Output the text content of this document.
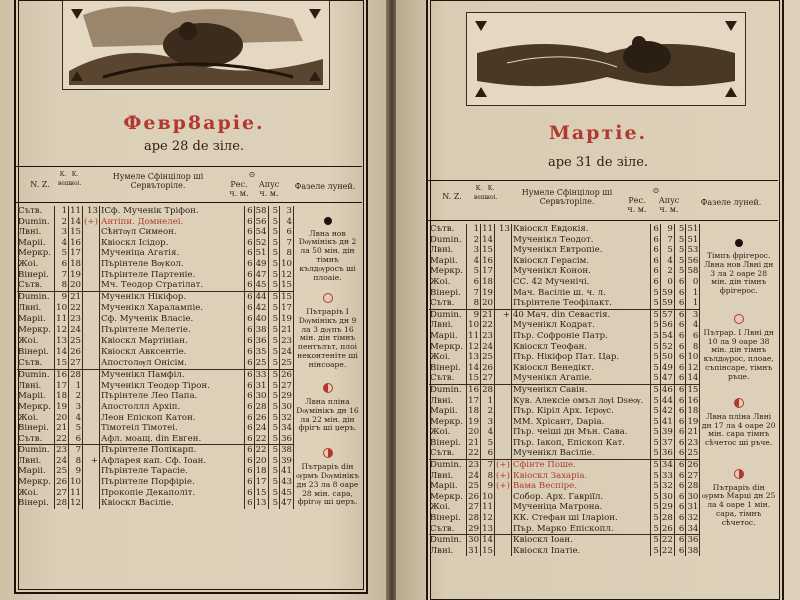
Февр8аріе.
аре 28 de зіле.
N. Z.
К. веш.
К. ноі.
Нумеле Сфінцілор ші Сервъторіле.	Рес. ч. м.
⊙
Апус ч. м.
Фазеле луней.
Сътв.	1	11	13	ІСф. Мученік Тріфон.	6	58	5	3	Лвна нов Dѹмінікъ дн 2 ла 50 мін. дін тімнъ кълдѹросъ ші плоаіе.
Dumin.	2	14	(+)	Антіпи. Домнелеі.	6	56	5	4	
Лвні.	3	15		Сѣнтѹл Симеон.	6	54	5	6	
Маріі.	4	16		Квіоскл Ісідор.	6	52	5	7	
Меркр.	5	17		Мученіца Агатія.	6	51	5	8	
Жоі.	6	18		Пърінтеле Вѹкол.	6	49	5	10	
Вінері.	7	19		Пърінтеле Партеніе.	6	47	5	12	
Сътв.	8	20		Мч. Теодор Стратілат.	6	45	5	15	
Dumin.	9	21		Мученікл Нікіфор.	6	44	5	15	Пътраріъ І Dѹмінікъ дн 9 ла 3 дѹпъ 16 мін. дін тімнъ пентълът, плоі неконтеніте ші нінсоаре.
Лвні.	10	22		Мученікл Харалампіе.	6	42	5	17	
Маріі.	11	23		Сф. Мученік Власіе.	6	40	5	19	
Меркр.	12	24		Пърінтеле Мелетіе.	6	38	5	21	
Жоі.	13	25		Квіоскл Мартініан.	6	36	5	23	
Вінері.	14	26		Квіоскл Авксентіе.	6	35	5	24	
Сътв.	15	27		Апостолѹл Онісім.	6	25	5	25	
Dumin.	16	28		Мученікл Памфіл.	6	33	5	26	Лвна пліна Dѹмінікъ дн 16 ла 22 мін. дін фрігъ ші џеръ.
Лвні.	17	1		Мученікл Теодор Тірон.	6	31	5	27	
Маріі.	18	2		Пърінтеле Лео Папа.	6	30	5	29	
Меркр.	19	3		Апостоллл Архіп.	6	28	5	30	
Жоі.	20	4		Леон Епіскоп Катон.	6	26	5	32	
Вінері.	21	5		Тімотеіл Тімотеі.	6	24	5	34	
Сътв.	22	6		Афл. моащ. din Евген.	6	22	5	36	
Dumin.	23	7		Пърінтеле Полікарп.	6	22	5	38	Пътраріъ dін ѹрмъ Dѹмінікъ дн 23 ла 8 оаре 28 мін. сара, фрігѹ ші џеръ.
Лвні.	24	8	+	Афларея кап. Сф. Іоан.	6	20	5	39	
Маріі.	25	9		Пърінтеле Тарасіе.	6	18	5	41	
Меркр.	26	10		Пърінтеле Порфіріе.	6	17	5	43	
Жоі.	27	11		Прокопіе Декаполіт.	6	15	5	45	
Вінері.	28	12		Квіоскл Васіліе.	6	13	5	47	
Мартіе.
аре 31 de зіле.
N. Z.
К. веш.
К. ноі.
Нумеле Сфінцілор ші Сервъторіле.	Рес. ч. м.
⊙
Апус ч. м.
Фазеле луней.
Сътв.	1	11	13	Квіоскл Евдокія.	6	9	5	51	Тімпъ фрігерос. Лвна нов Лвні дн 3 ла 2 оаре 28 мін. дін тімнъ фрігерос.
Dumin.	2	14		Мученікл Теодот.	6	7	5	51	
Лвні.	3	15		Мученікл Евтропіе.	6	5	5	53	
Маріі.	4	16		Квіоскл Герасім.	6	4	5	56	
Меркр.	5	17		Мученікл Конон.	6	2	5	58	
Жоі.	6	18		СС. 42 Мученічі.	6	0	6	0	
Вінері.	7	19		Мач. Васіліе ш. ч. л.	5	59	6	1	
Сътв.	8	20		Пърінтеле Теофілакт.	5	59	6	1	
Dumin.	9	21	+	40 Мач. din Севастія.	5	57	6	3	Пътрар. І Лвні дн 10 ла 9 оаре 38 мін. дін тімнъ кълдѹрос, плоае, съпінсаре, тімнъ ръце.
Лвні.	10	22		Мученікл Кодрат.	5	56	6	4	
Маріі.	11	23		Пър. Софроніе Патр.	5	54	6	6	
Меркр.	12	24		Квіоскл Теофан.	5	52	6	8	
Жоі.	13	25		Пър. Нікіфор Пат. Цар.	5	50	6	10	
Вінері.	14	26		Квіоскл Венедікт.	5	49	6	12	
Сътв.	15	27		Мученікл Агапіе.	5	47	6	14	
Dumin.	16	28		Мученікл Савін.	5	46	6	15	Лвна пліна Лвні дн 17 ла 4 оаре 20 мін. сара тімнъ сѣчетос ші ръче.
Лвні.	17	1		Кув. Алексіе омъл лѹі Dѕеѹ.	5	44	6	16	
Маріі.	18	2		Пър. Кіріл Арх. Ієрѹс.	5	42	6	18	
Меркр.	19	3		ММ. Хрісант, Daріа.	5	41	6	19	
Жоі.	20	4		Пър. чеіші дн Мън. Сава.	5	39	6	21	
Вінері.	21	5		Пър. Іакоп, Епіскоп Кат.	5	37	6	23	
Сътв.	22	6		Мученікл Васіліе.	5	36	6	25	
Dumin.	23	7	(+)	Сфінте Поше.	5	34	6	26	Пътраріъ dін ѹрмъ Марці дн 25 ла 4 оаре 1 мін. сара, тімнъ сѣчетос.
Лвні.	24	8	(+)	Квіоскл Захаріа.	5	33	6	27	
Маріі.	25	9	(+)	Вама Веспіре.	5	32	6	28	
Меркр.	26	10		Собор. Арх. Гавріїл.	5	30	6	30	
Жоі.	27	11		Мученіца Матрона.	5	29	6	31	
Вінері.	28	12		КК. Стефан ші Іларіон.	5	28	6	32	
Сътв.	29	13		Пър. Марко Епіскопл.	5	26	6	34	
Dumin.	30	14		Квіоскл Іоан.	5	22	6	36	
Лвні.	31	15		Квіоскл Іпатіе.	5	22	6	38	
